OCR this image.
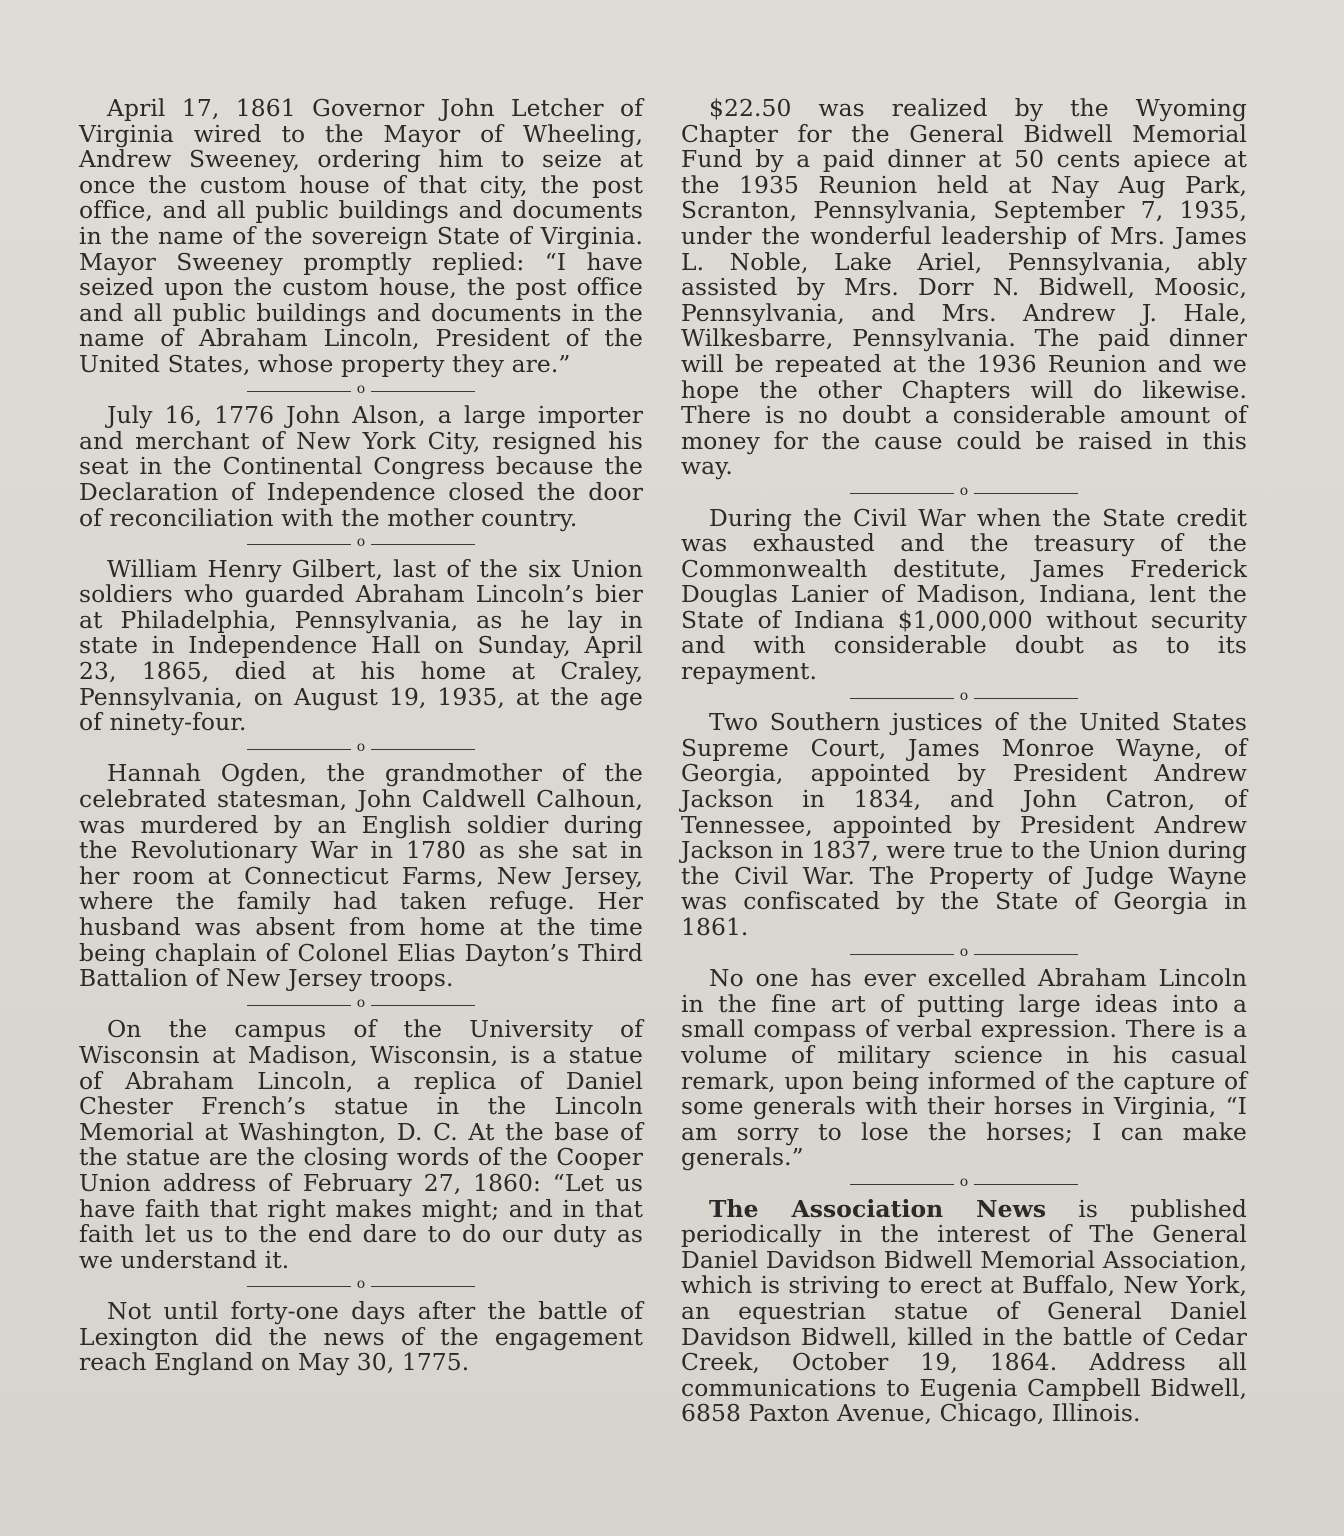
April 17, 1861 Governor John Letcher of Virginia wired to the Mayor of Wheeling, Andrew Sweeney, ordering him to seize at once the custom house of that city, the post office, and all public buildings and documents in the name of the sovereign State of Virginia. Mayor Sweeney promptly replied: “I have seized upon the custom house, the post office and all public buildings and documents in the name of Abraham Lincoln, President of the United States, whose property they are.”

o

July 16, 1776 John Alson, a large importer and merchant of New York City, resigned his seat in the Continental Congress because the Declaration of Independence closed the door of reconciliation with the mother country.

o

William Henry Gilbert, last of the six Union soldiers who guarded Abraham Lincoln’s bier at Philadelphia, Pennsylvania, as he lay in state in Independence Hall on Sunday, April 23, 1865, died at his home at Craley, Pennsylvania, on August 19, 1935, at the age of ninety-four.

o

Hannah Ogden, the grandmother of the celebrated statesman, John Caldwell Calhoun, was murdered by an English soldier during the Revolutionary War in 1780 as she sat in her room at Connecticut Farms, New Jersey, where the family had taken refuge. Her husband was absent from home at the time being chaplain of Colonel Elias Dayton’s Third Battalion of New Jersey troops.

o

On the campus of the University of Wisconsin at Madison, Wisconsin, is a statue of Abraham Lincoln, a replica of Daniel Chester French’s statue in the Lincoln Memorial at Washington, D. C. At the base of the statue are the closing words of the Cooper Union address of February 27, 1860: “Let us have faith that right makes might; and in that faith let us to the end dare to do our duty as we understand it.

o

Not until forty-one days after the battle of Lexington did the news of the engagement reach England on May 30, 1775.

$22.50 was realized by the Wyoming Chapter for the General Bidwell Memorial Fund by a paid dinner at 50 cents apiece at the 1935 Reunion held at Nay Aug Park, Scranton, Pennsylvania, September 7, 1935, under the wonderful leadership of Mrs. James L. Noble, Lake Ariel, Pennsylvania, ably assisted by Mrs. Dorr N. Bidwell, Moosic, Pennsylvania, and Mrs. Andrew J. Hale, Wilkesbarre, Pennsylvania. The paid dinner will be repeated at the 1936 Reunion and we hope the other Chapters will do likewise. There is no doubt a considerable amount of money for the cause could be raised in this way.

o

During the Civil War when the State credit was exhausted and the treasury of the Commonwealth destitute, James Frederick Douglas Lanier of Madison, Indiana, lent the State of Indiana $1,000,000 without security and with considerable doubt as to its repayment.

o

Two Southern justices of the United States Supreme Court, James Monroe Wayne, of Georgia, appointed by President Andrew Jackson in 1834, and John Catron, of Tennessee, appointed by President Andrew Jackson in 1837, were true to the Union during the Civil War. The Property of Judge Wayne was confiscated by the State of Georgia in 1861.

o

No one has ever excelled Abraham Lincoln in the fine art of putting large ideas into a small compass of verbal expression. There is a volume of military science in his casual remark, upon being informed of the capture of some generals with their horses in Virginia, “I am sorry to lose the horses; I can make generals.”

o

The Association News is published periodically in the interest of The General Daniel Davidson Bidwell Memorial Association, which is striving to erect at Buffalo, New York, an equestrian statue of General Daniel Davidson Bidwell, killed in the battle of Cedar Creek, October 19, 1864. Address all communications to Eugenia Campbell Bidwell, 6858 Paxton Avenue, Chicago, Illinois.
